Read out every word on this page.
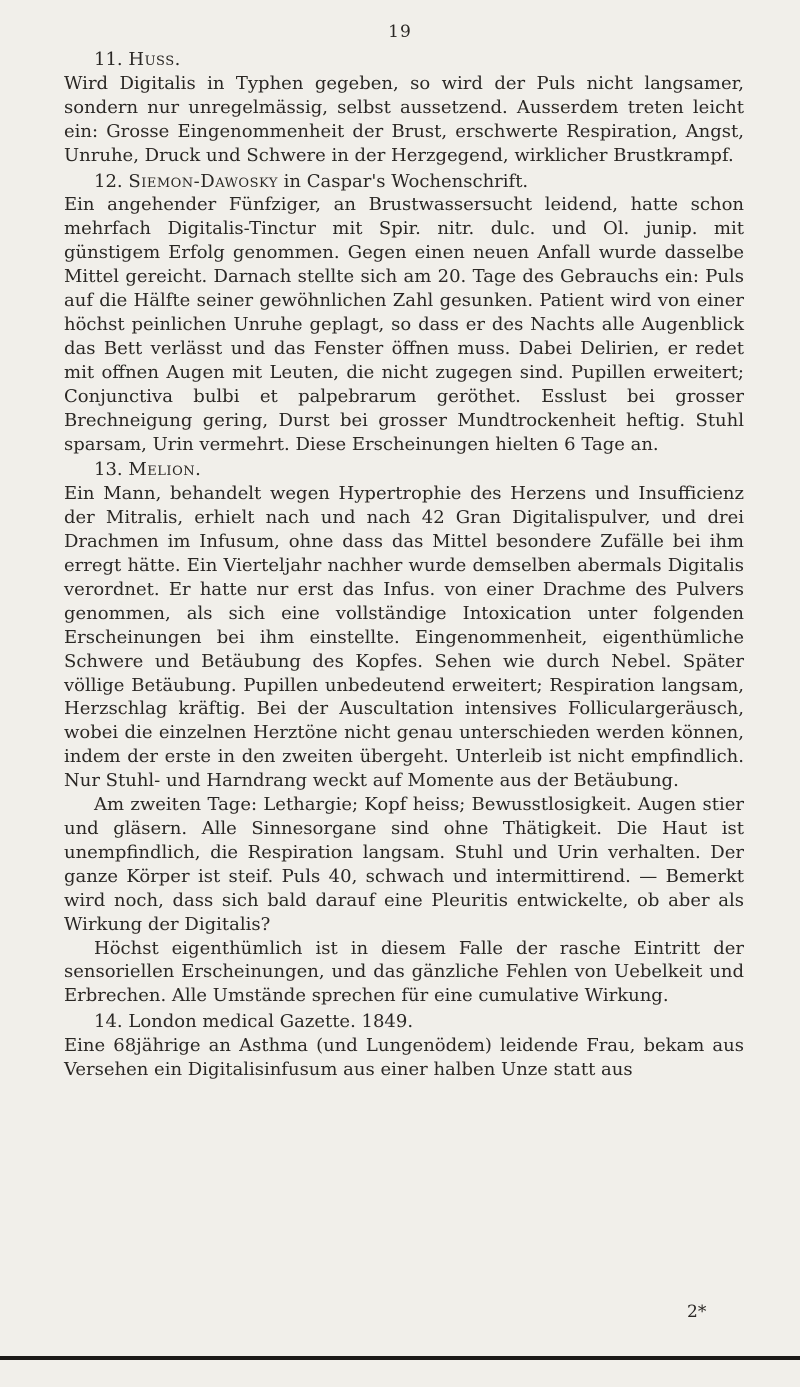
19

11. Huss.

Wird Digitalis in Typhen gegeben, so wird der Puls nicht langsamer, sondern nur unregelmässig, selbst aussetzend. Ausserdem treten leicht ein: Grosse Eingenommenheit der Brust, erschwerte Respiration, Angst, Unruhe, Druck und Schwere in der Herzgegend, wirklicher Brustkrampf.

12. Siemon-Dawosky in Caspar's Wochenschrift.

Ein angehender Fünfziger, an Brustwassersucht leidend, hatte schon mehrfach Digitalis-Tinctur mit Spir. nitr. dulc. und Ol. junip. mit günstigem Erfolg genommen. Gegen einen neuen Anfall wurde dasselbe Mittel gereicht. Darnach stellte sich am 20. Tage des Gebrauchs ein: Puls auf die Hälfte seiner gewöhnlichen Zahl gesunken. Patient wird von einer höchst peinlichen Unruhe geplagt, so dass er des Nachts alle Augenblick das Bett verlässt und das Fenster öffnen muss. Dabei Delirien, er redet mit offnen Augen mit Leuten, die nicht zugegen sind. Pupillen erweitert; Conjunctiva bulbi et palpebrarum geröthet. Esslust bei grosser Brechneigung gering, Durst bei grosser Mundtrockenheit heftig. Stuhl sparsam, Urin vermehrt. Diese Erscheinungen hielten 6 Tage an.

13. Melion.

Ein Mann, behandelt wegen Hypertrophie des Herzens und Insufficienz der Mitralis, erhielt nach und nach 42 Gran Digitalispulver, und drei Drachmen im Infusum, ohne dass das Mittel besondere Zufälle bei ihm erregt hätte. Ein Vierteljahr nachher wurde demselben abermals Digitalis verordnet. Er hatte nur erst das Infus. von einer Drachme des Pulvers genommen, als sich eine vollständige Intoxication unter folgenden Erscheinungen bei ihm einstellte. Eingenommenheit, eigenthümliche Schwere und Betäubung des Kopfes. Sehen wie durch Nebel. Später völlige Betäubung. Pupillen unbedeutend erweitert; Respiration langsam, Herzschlag kräftig. Bei der Auscultation intensives Folliculargeräusch, wobei die einzelnen Herztöne nicht genau unterschieden werden können, indem der erste in den zweiten übergeht. Unterleib ist nicht empfindlich. Nur Stuhl- und Harndrang weckt auf Momente aus der Betäubung.

Am zweiten Tage: Lethargie; Kopf heiss; Bewusstlosigkeit. Augen stier und gläsern. Alle Sinnesorgane sind ohne Thätigkeit. Die Haut ist unempfindlich, die Respiration langsam. Stuhl und Urin verhalten. Der ganze Körper ist steif. Puls 40, schwach und intermittirend. — Bemerkt wird noch, dass sich bald darauf eine Pleuritis entwickelte, ob aber als Wirkung der Digitalis?

Höchst eigenthümlich ist in diesem Falle der rasche Eintritt der sensoriellen Erscheinungen, und das gänzliche Fehlen von Uebelkeit und Erbrechen. Alle Umstände sprechen für eine cumulative Wirkung.

14. London medical Gazette. 1849.

Eine 68jährige an Asthma (und Lungenödem) leidende Frau, bekam aus Versehen ein Digitalisinfusum aus einer halben Unze statt aus

2*
